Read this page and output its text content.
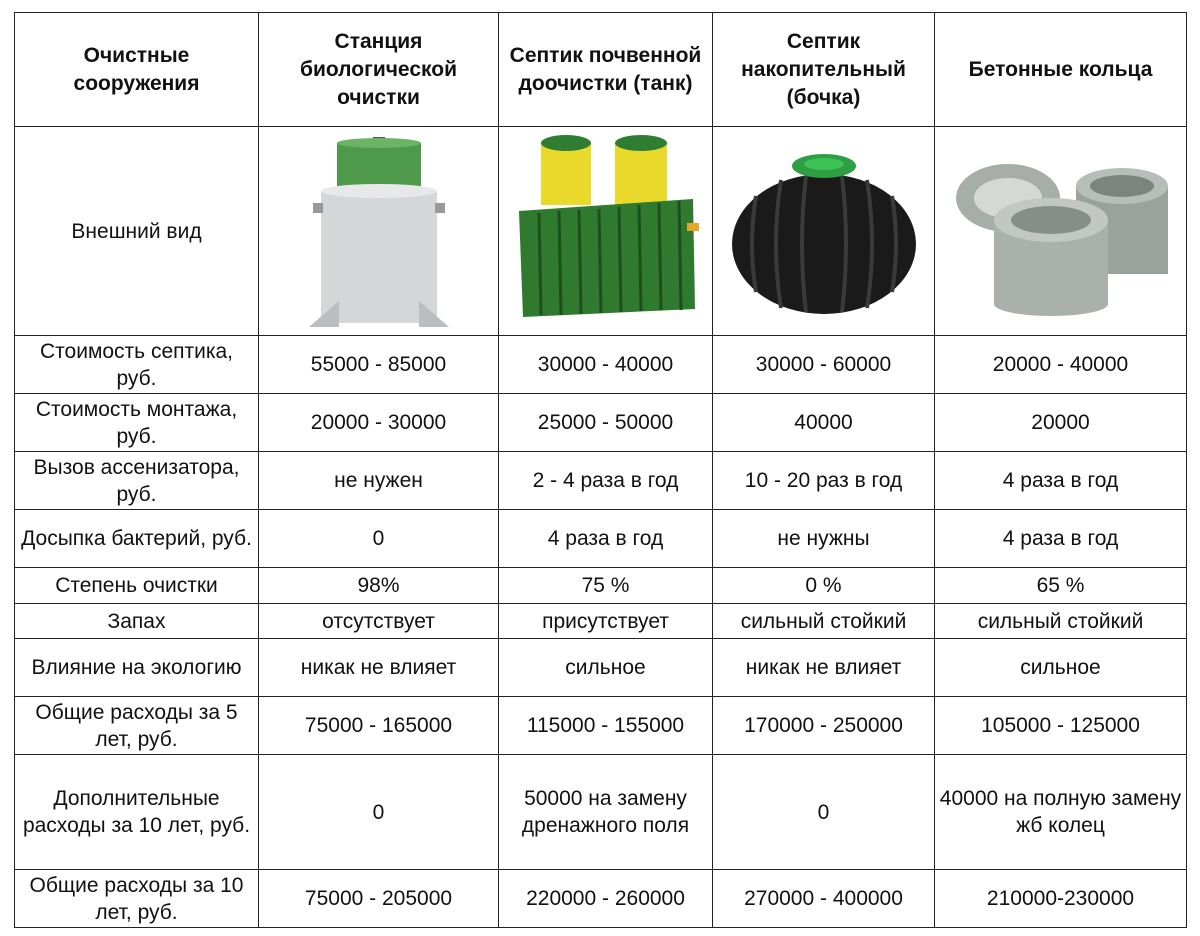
Очистные сооружения	Станция биологической очистки	Септик почвенной доочистки (танк)	Септик накопительный (бочка)	Бетонные кольца
Внешний вид	

Стоимость септика, руб.	55000 - 85000	30000 - 40000	30000 - 60000	20000 - 40000
Стоимость монтажа, руб.	20000 - 30000	25000 - 50000	40000	20000
Вызов ассенизатора, руб.	не нужен	2 - 4 раза в год	10 - 20 раз в год	4 раза в год
Досыпка бактерий, руб.	0	4 раза в год	не нужны	4 раза в год
Степень очистки	98%	75 %	0 %	65 %
Запах	отсутствует	присутствует	сильный стойкий	сильный стойкий
Влияние на экологию	никак не влияет	сильное	никак не влияет	сильное
Общие расходы за 5 лет, руб.	75000 - 165000	115000 - 155000	170000 - 250000	105000 - 125000
Дополнительные расходы за 10 лет, руб.	0	50000 на замену дренажного поля	0	40000 на полную замену жб колец
Общие расходы за 10 лет, руб.	75000 - 205000	220000 - 260000	270000 - 400000	210000-230000
